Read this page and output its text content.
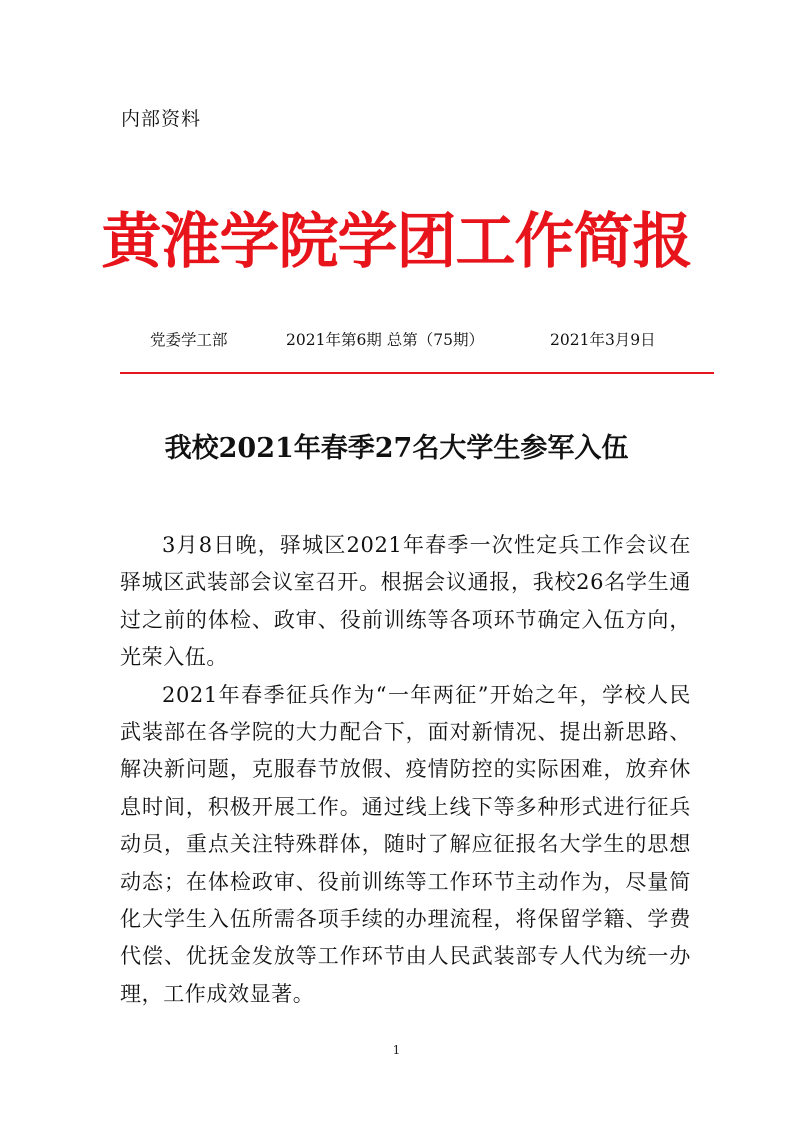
内部资料
黄淮学院学团工作简报
党委学工部	2021年第6期 总第（75期）	2021年3月9日
我校2021年春季27名大学生参军入伍

3月8日晚，驿城区2021年春季一次性定兵工作会议在驿城区武装部会议室召开。根据会议通报，我校26名学生通过之前的体检、政审、役前训练等各项环节确定入伍方向，光荣入伍。

2021年春季征兵作为“一年两征”开始之年，学校人民武装部在各学院的大力配合下，面对新情况、提出新思路、解决新问题，克服春节放假、疫情防控的实际困难，放弃休息时间，积极开展工作。通过线上线下等多种形式进行征兵动员，重点关注特殊群体，随时了解应征报名大学生的思想动态；在体检政审、役前训练等工作环节主动作为，尽量简化大学生入伍所需各项手续的办理流程，将保留学籍、学费代偿、优抚金发放等工作环节由人民武装部专人代为统一办理，工作成效显著。

1
